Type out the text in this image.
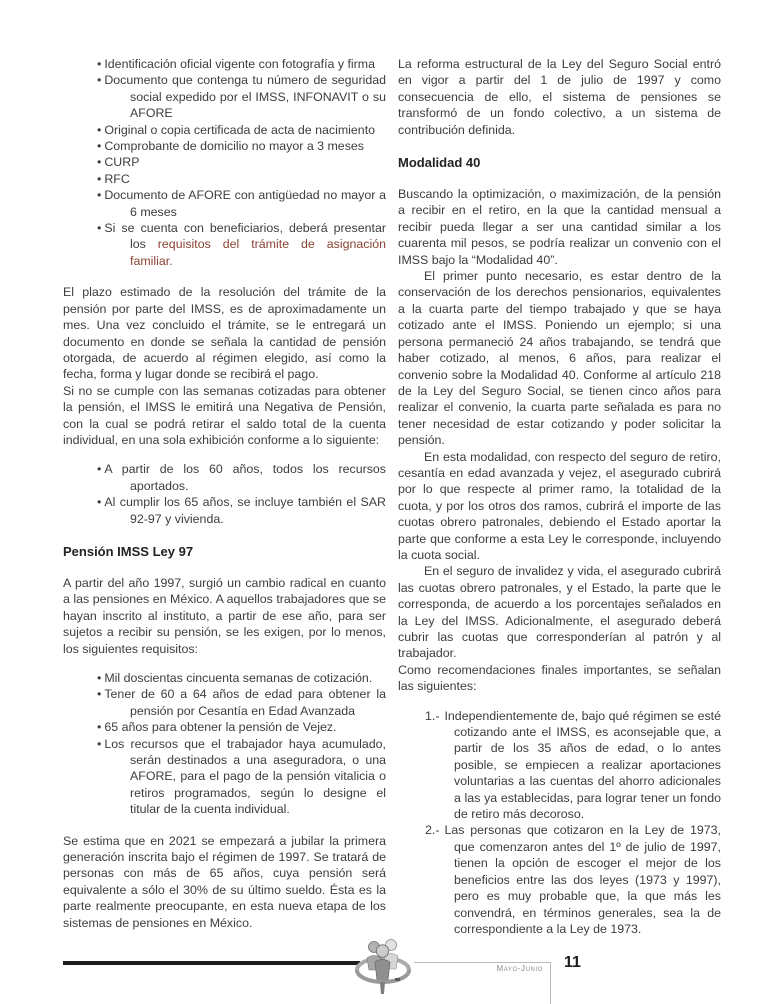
• Identificación oficial vigente con fotografía y firma
• Documento que contenga tu número de seguridad social expedido por el IMSS, INFONAVIT o su AFORE
• Original o copia certificada de acta de nacimiento
• Comprobante de domicilio no mayor a 3 meses
• CURP
• RFC
• Documento de AFORE con antigüedad no mayor a 6 meses
• Si se cuenta con beneficiarios, deberá presentar los requisitos del trámite de asignación familiar.

El plazo estimado de la resolución del trámite de la pensión por parte del IMSS, es de aproximadamente un mes. Una vez concluido el trámite, se le entregará un documento en donde se señala la cantidad de pensión otorgada, de acuerdo al régimen elegido, así como la fecha, forma y lugar donde se recibirá el pago.

Si no se cumple con las semanas cotizadas para obtener la pensión, el IMSS le emitirá una Negativa de Pensión, con la cual se podrá retirar el saldo total de la cuenta individual, en una sola exhibición conforme a lo siguiente:

• A partir de los 60 años, todos los recursos aportados.
• Al cumplir los 65 años, se incluye también el SAR 92-97 y vivienda.
Pensión IMSS Ley 97

A partir del año 1997, surgió un cambio radical en cuanto a las pensiones en México. A aquellos trabajadores que se hayan inscrito al instituto, a partir de ese año, para ser sujetos a recibir su pensión, se les exigen, por lo menos, los siguientes requisitos:

• Mil doscientas cincuenta semanas de cotización.
• Tener de 60 a 64 años de edad para obtener la pensión por Cesantía en Edad Avanzada
• 65 años para obtener la pensión de Vejez.
• Los recursos que el trabajador haya acumulado, serán destinados a una aseguradora, o una AFORE, para el pago de la pensión vitalicia o retiros programados, según lo designe el titular de la cuenta individual.

Se estima que en 2021 se empezará a jubilar la primera generación inscrita bajo el régimen de 1997. Se tratará de personas con más de 65 años, cuya pensión será equivalente a sólo el 30% de su último sueldo. Ésta es la parte realmente preocupante, en esta nueva etapa de los sistemas de pensiones en México.

La reforma estructural de la Ley del Seguro Social entró en vigor a partir del 1 de julio de 1997 y como consecuencia de ello, el sistema de pensiones se transformó de un fondo colectivo, a un sistema de contribución definida.

Modalidad 40

Buscando la optimización, o maximización, de la pensión a recibir en el retiro, en la que la cantidad mensual a recibir pueda llegar a ser una cantidad similar a los cuarenta mil pesos, se podría realizar un convenio con el IMSS bajo la “Modalidad 40”.

El primer punto necesario, es estar dentro de la conservación de los derechos pensionarios, equivalentes a la cuarta parte del tiempo trabajado y que se haya cotizado ante el IMSS. Poniendo un ejemplo; si una persona permaneció 24 años trabajando, se tendrá que haber cotizado, al menos, 6 años, para realizar el convenio sobre la Modalidad 40. Conforme al artículo 218 de la Ley del Seguro Social, se tienen cinco años para realizar el convenio, la cuarta parte señalada es para no tener necesidad de estar cotizando y poder solicitar la pensión.

En esta modalidad, con respecto del seguro de retiro, cesantía en edad avanzada y vejez, el asegurado cubrirá por lo que respecte al primer ramo, la totalidad de la cuota, y por los otros dos ramos, cubrirá el importe de las cuotas obrero patronales, debiendo el Estado aportar la parte que conforme a esta Ley le corresponde, incluyendo la cuota social.

En el seguro de invalidez y vida, el asegurado cubrirá las cuotas obrero patronales, y el Estado, la parte que le corresponda, de acuerdo a los porcentajes señalados en la Ley del IMSS. Adicionalmente, el asegurado deberá cubrir las cuotas que corresponderían al patrón y al trabajador.

Como recomendaciones finales importantes, se señalan las siguientes:

1.- Independientemente de, bajo qué régimen se esté cotizando ante el IMSS, es aconsejable que, a partir de los 35 años de edad, o lo antes posible, se empiecen a realizar aportaciones voluntarias a las cuentas del ahorro adicionales a las ya establecidas, para lograr tener un fondo de retiro más decoroso.
2.- Las personas que cotizaron en la Ley de 1973, que comenzaron antes del 1º de julio de 1997, tienen la opción de escoger el mejor de los beneficios entre las dos leyes (1973 y 1997), pero es muy probable que, la que más les convendrá, en términos generales, sea la de correspondiente a la Ley de 1973.
Mayo-Junio 11
